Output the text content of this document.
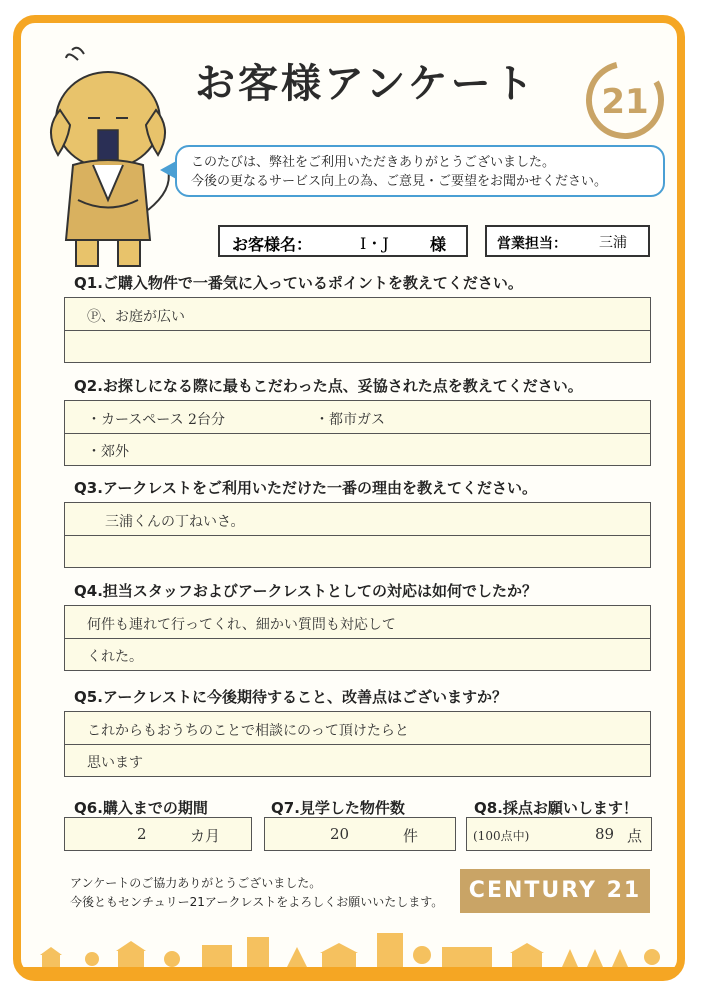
お客様アンケート 21
このたびは、弊社をご利用いただきありがとうございました。
今後の更なるサービス向上の為、ご意見・ご要望をお聞かせください。
お客様名：	I・J	様	営業担当： 三浦
Q1.ご購入物件で一番気に入っているポイントを教えてください。
Ⓟ、お庭が広い
Q2.お探しになる際に最もこだわった点、妥協された点を教えてください。
・カースペース 2台分	・都市ガス
・郊外
Q3.アークレストをご利用いただけた一番の理由を教えてください。
三浦くんの丁ねいさ。
Q4.担当スタッフおよびアークレストとしての対応は如何でしたか？
何件も連れて行ってくれ、細かい質問も対応して
くれた。
Q5.アークレストに今後期待すること、改善点はございますか？
これからもおうちのことで相談にのって頂けたらと
思います
Q6.購入までの期間
2	カ月
Q7.見学した物件数
20	件
Q8.採点お願いします！
(100点中)	89 点
アンケートのご協力ありがとうございました。
今後ともセンチュリー21アークレストをよろしくお願いいたします。	CENTURY 21
